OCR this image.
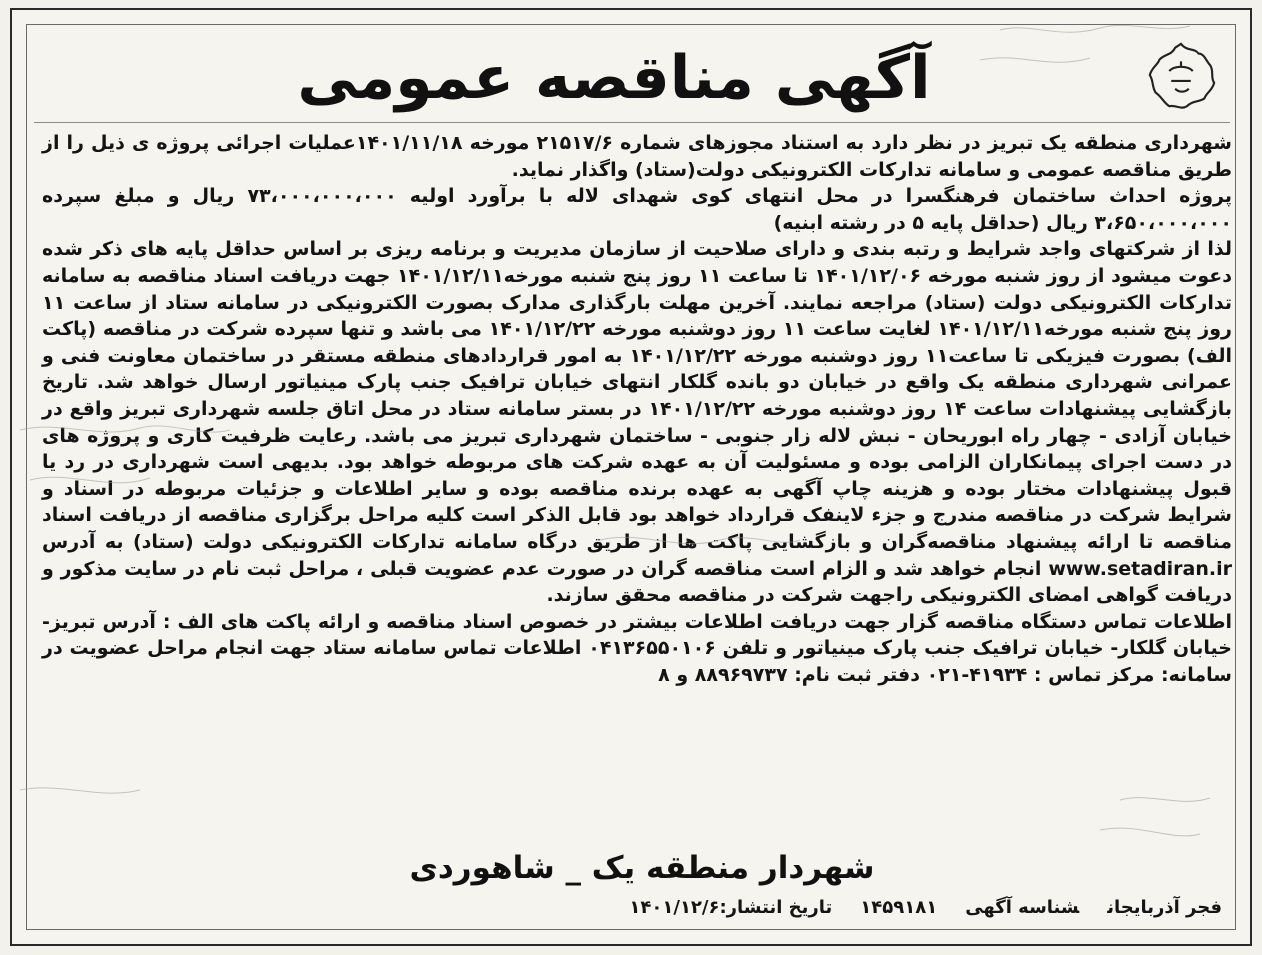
آگهی مناقصه عمومی

شهرداری منطقه یک تبریز در نظر دارد به استناد مجوزهای شماره ۲۱۵۱۷/۶ مورخه ۱۴۰۱/۱۱/۱۸عملیات اجرائی پروژه ی ذیل را از طریق مناقصه عمومی و سامانه تدارکات الکترونیکی دولت(ستاد) واگذار نماید.

پروژه احداث ساختمان فرهنگسرا در محل انتهای کوی شهدای لاله با برآورد اولیه ۷۳،۰۰۰،۰۰۰،۰۰۰ ریال و مبلغ سپرده ۳،۶۵۰،۰۰۰،۰۰۰ ریال (حداقل پایه ۵ در رشته ابنیه)

لذا از شرکتهای واجد شرایط و رتبه بندی و دارای صلاحیت از سازمان مدیریت و برنامه ریزی بر اساس حداقل پایه های ذکر شده دعوت میشود از روز شنبه مورخه ۱۴۰۱/۱۲/۰۶ تا ساعت ۱۱ روز پنج شنبه مورخه۱۴۰۱/۱۲/۱۱ جهت دریافت اسناد مناقصه به سامانه تدارکات الکترونیکی دولت (ستاد) مراجعه نمایند. آخرین مهلت بارگذاری مدارک بصورت الکترونیکی در سامانه ستاد از ساعت ۱۱ روز پنج شنبه مورخه۱۴۰۱/۱۲/۱۱ لغایت ساعت ۱۱ روز دوشنبه مورخه ۱۴۰۱/۱۲/۲۲ می باشد و تنها سپرده شرکت در مناقصه (پاکت الف) بصورت فیزیکی تا ساعت۱۱ روز دوشنبه مورخه ۱۴۰۱/۱۲/۲۲ به امور قراردادهای منطقه مستقر در ساختمان معاونت فنی و عمرانی شهرداری منطقه یک واقع در خیابان دو باند‌ه گلکار انتهای خیابان ترافیک جنب پارک مینیاتور ارسال خواهد شد. تاریخ بازگشایی پیشنهادات ساعت ۱۴ روز دوشنبه مورخه ۱۴۰۱/۱۲/۲۲ در بستر سامانه ستاد در محل اتاق جلسه شهرداری تبریز واقع در خیابان آزادی - چهار راه ابوریحان - نبش لاله زار جنوبی - ساختمان شهرداری تبریز می باشد. رعایت ظرفیت کاری و پروژه های در دست اجرای پیمانکاران الزامی بوده و مسئولیت آن به عهده شرکت های مربوطه خواهد بود. بدیهی است شهرداری در رد یا قبول پیشنهادات مختار بوده و هزینه چاپ آگهی به عهده برنده مناقصه بوده و سایر اطلاعات و جزئیات مربوطه در اسناد و شرایط شرکت در مناقصه مندرج و جزء لاینفک قرارداد خواهد بود قابل الذکر است کلیه مراحل برگزاری مناقصه از دریافت اسناد مناقصه تا ارائه پیشنهاد مناقصه‌گران و بازگشایی پاکت ها از طریق درگاه سامانه تدارکات الکترونیکی دولت (ستاد) به آدرس www.setadiran.ir انجام خواهد شد و الزام است مناقصه گران در صورت عدم عضویت قبلی ، مراحل ثبت نام در سایت مذکور و دریافت گواهی امضای الکترونیکی راجهت شرکت در مناقصه محقق سازند.

اطلاعات تماس دستگاه مناقصه گزار جهت دریافت اطلاعات بیشتر در خصوص اسناد مناقصه و ارائه پاکت های الف : آدرس تبریز- خیابان گلکار- خیابان ترافیک جنب پارک مینیاتور و تلفن ۰۴۱۳۶۵۵۰۱۰۶ اطلاعات تماس سامانه ستاد جهت انجام مراحل عضویت در سامانه: مرکز تماس : ۴۱۹۳۴-۰۲۱ دفتر ثبت نام: ۸۸۹۶۹۷۳۷ و ۸

شهردار منطقه یک _ شاهوردی
فجر آذربایجانشناسه آگهی۱۴۵۹۱۸۱تاریخ انتشار:۱۴۰۱/۱۲/۶
